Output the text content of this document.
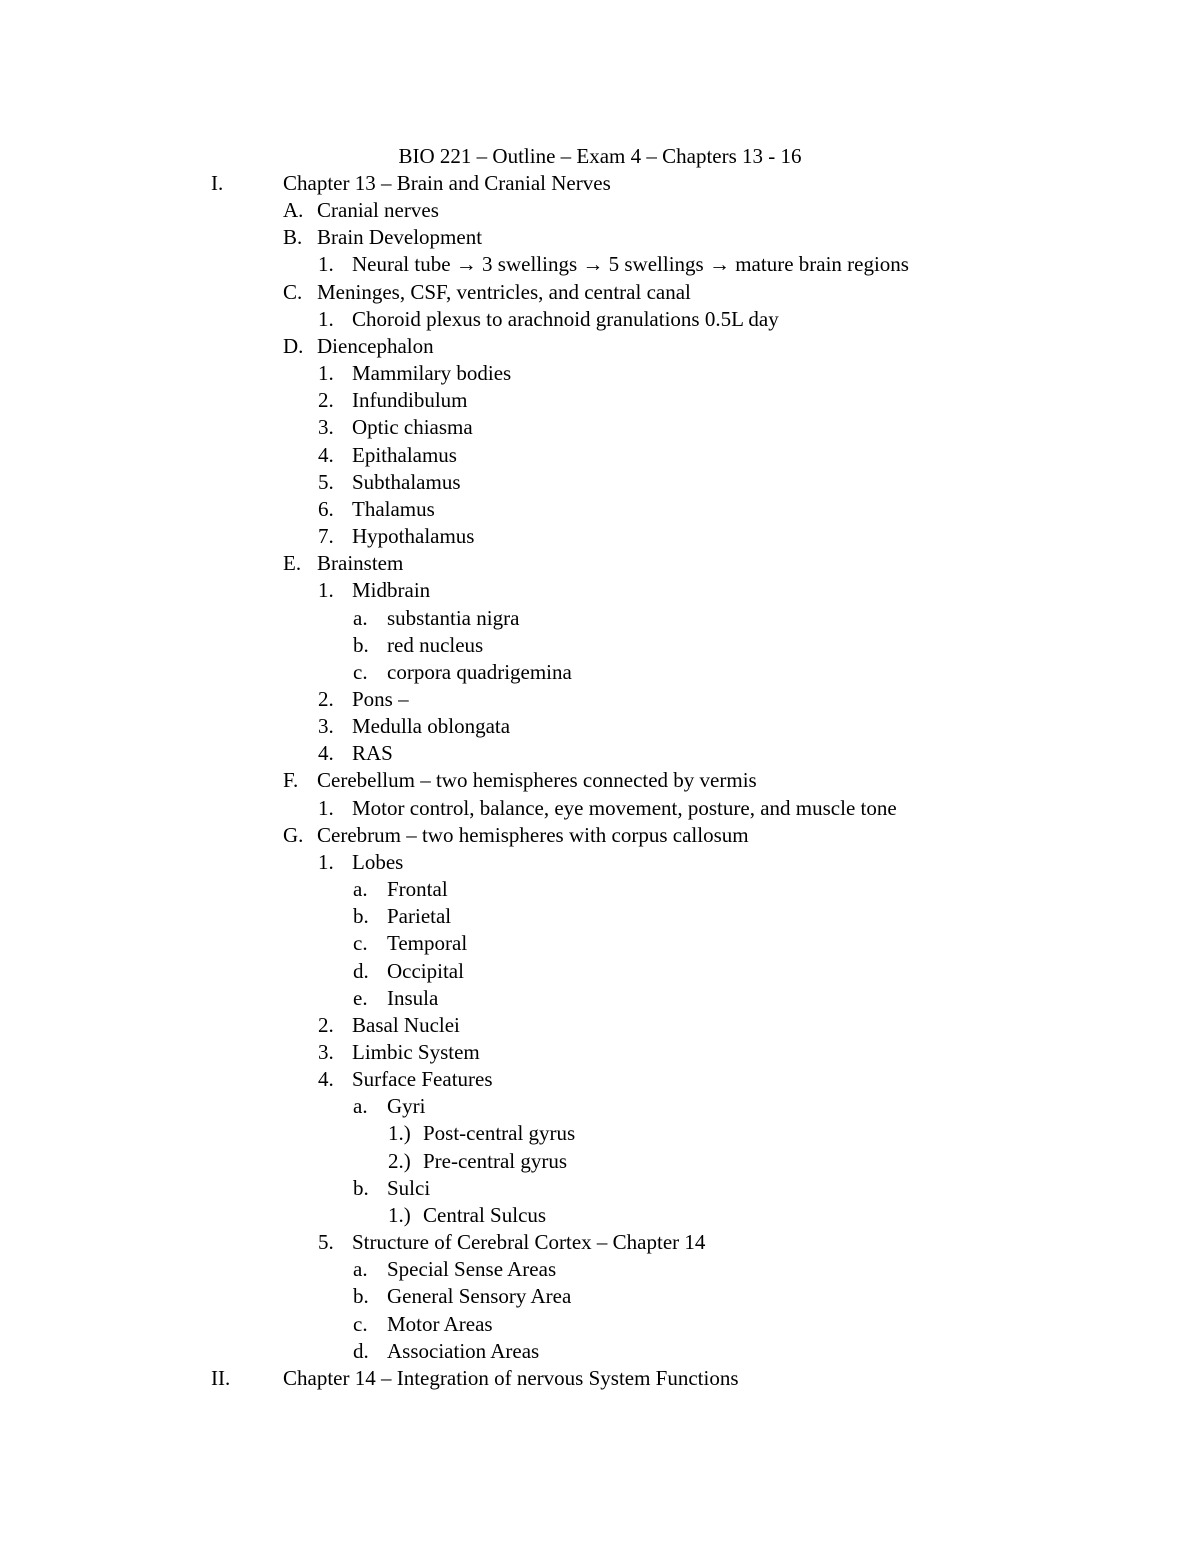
BIO 221 – Outline – Exam 4 – Chapters 13 - 16
I.	Chapter 13 – Brain and Cranial Nerves
A. Cranial nerves
B. Brain Development
1. Neural tube → 3 swellings → 5 swellings → mature brain regions
C. Meninges, CSF, ventricles, and central canal
1. Choroid plexus to arachnoid granulations 0.5L day
D. Diencephalon
1. Mammilary bodies
2. Infundibulum
3. Optic chiasma
4. Epithalamus
5. Subthalamus
6. Thalamus
7. Hypothalamus
E. Brainstem
1. Midbrain
a. substantia nigra
b. red nucleus
c. corpora quadrigemina
2. Pons –
3. Medulla oblongata
4. RAS
F. Cerebellum – two hemispheres connected by vermis
1. Motor control, balance, eye movement, posture, and muscle tone
G. Cerebrum – two hemispheres with corpus callosum
1. Lobes
a. Frontal
b. Parietal
c. Temporal
d. Occipital
e. Insula
2. Basal Nuclei
3. Limbic System
4. Surface Features
a. Gyri
1.) Post-central gyrus
2.) Pre-central gyrus
b. Sulci
1.) Central Sulcus
5. Structure of Cerebral Cortex – Chapter 14
a. Special Sense Areas
b. General Sensory Area
c. Motor Areas
d. Association Areas
II.	Chapter 14 – Integration of nervous System Functions
